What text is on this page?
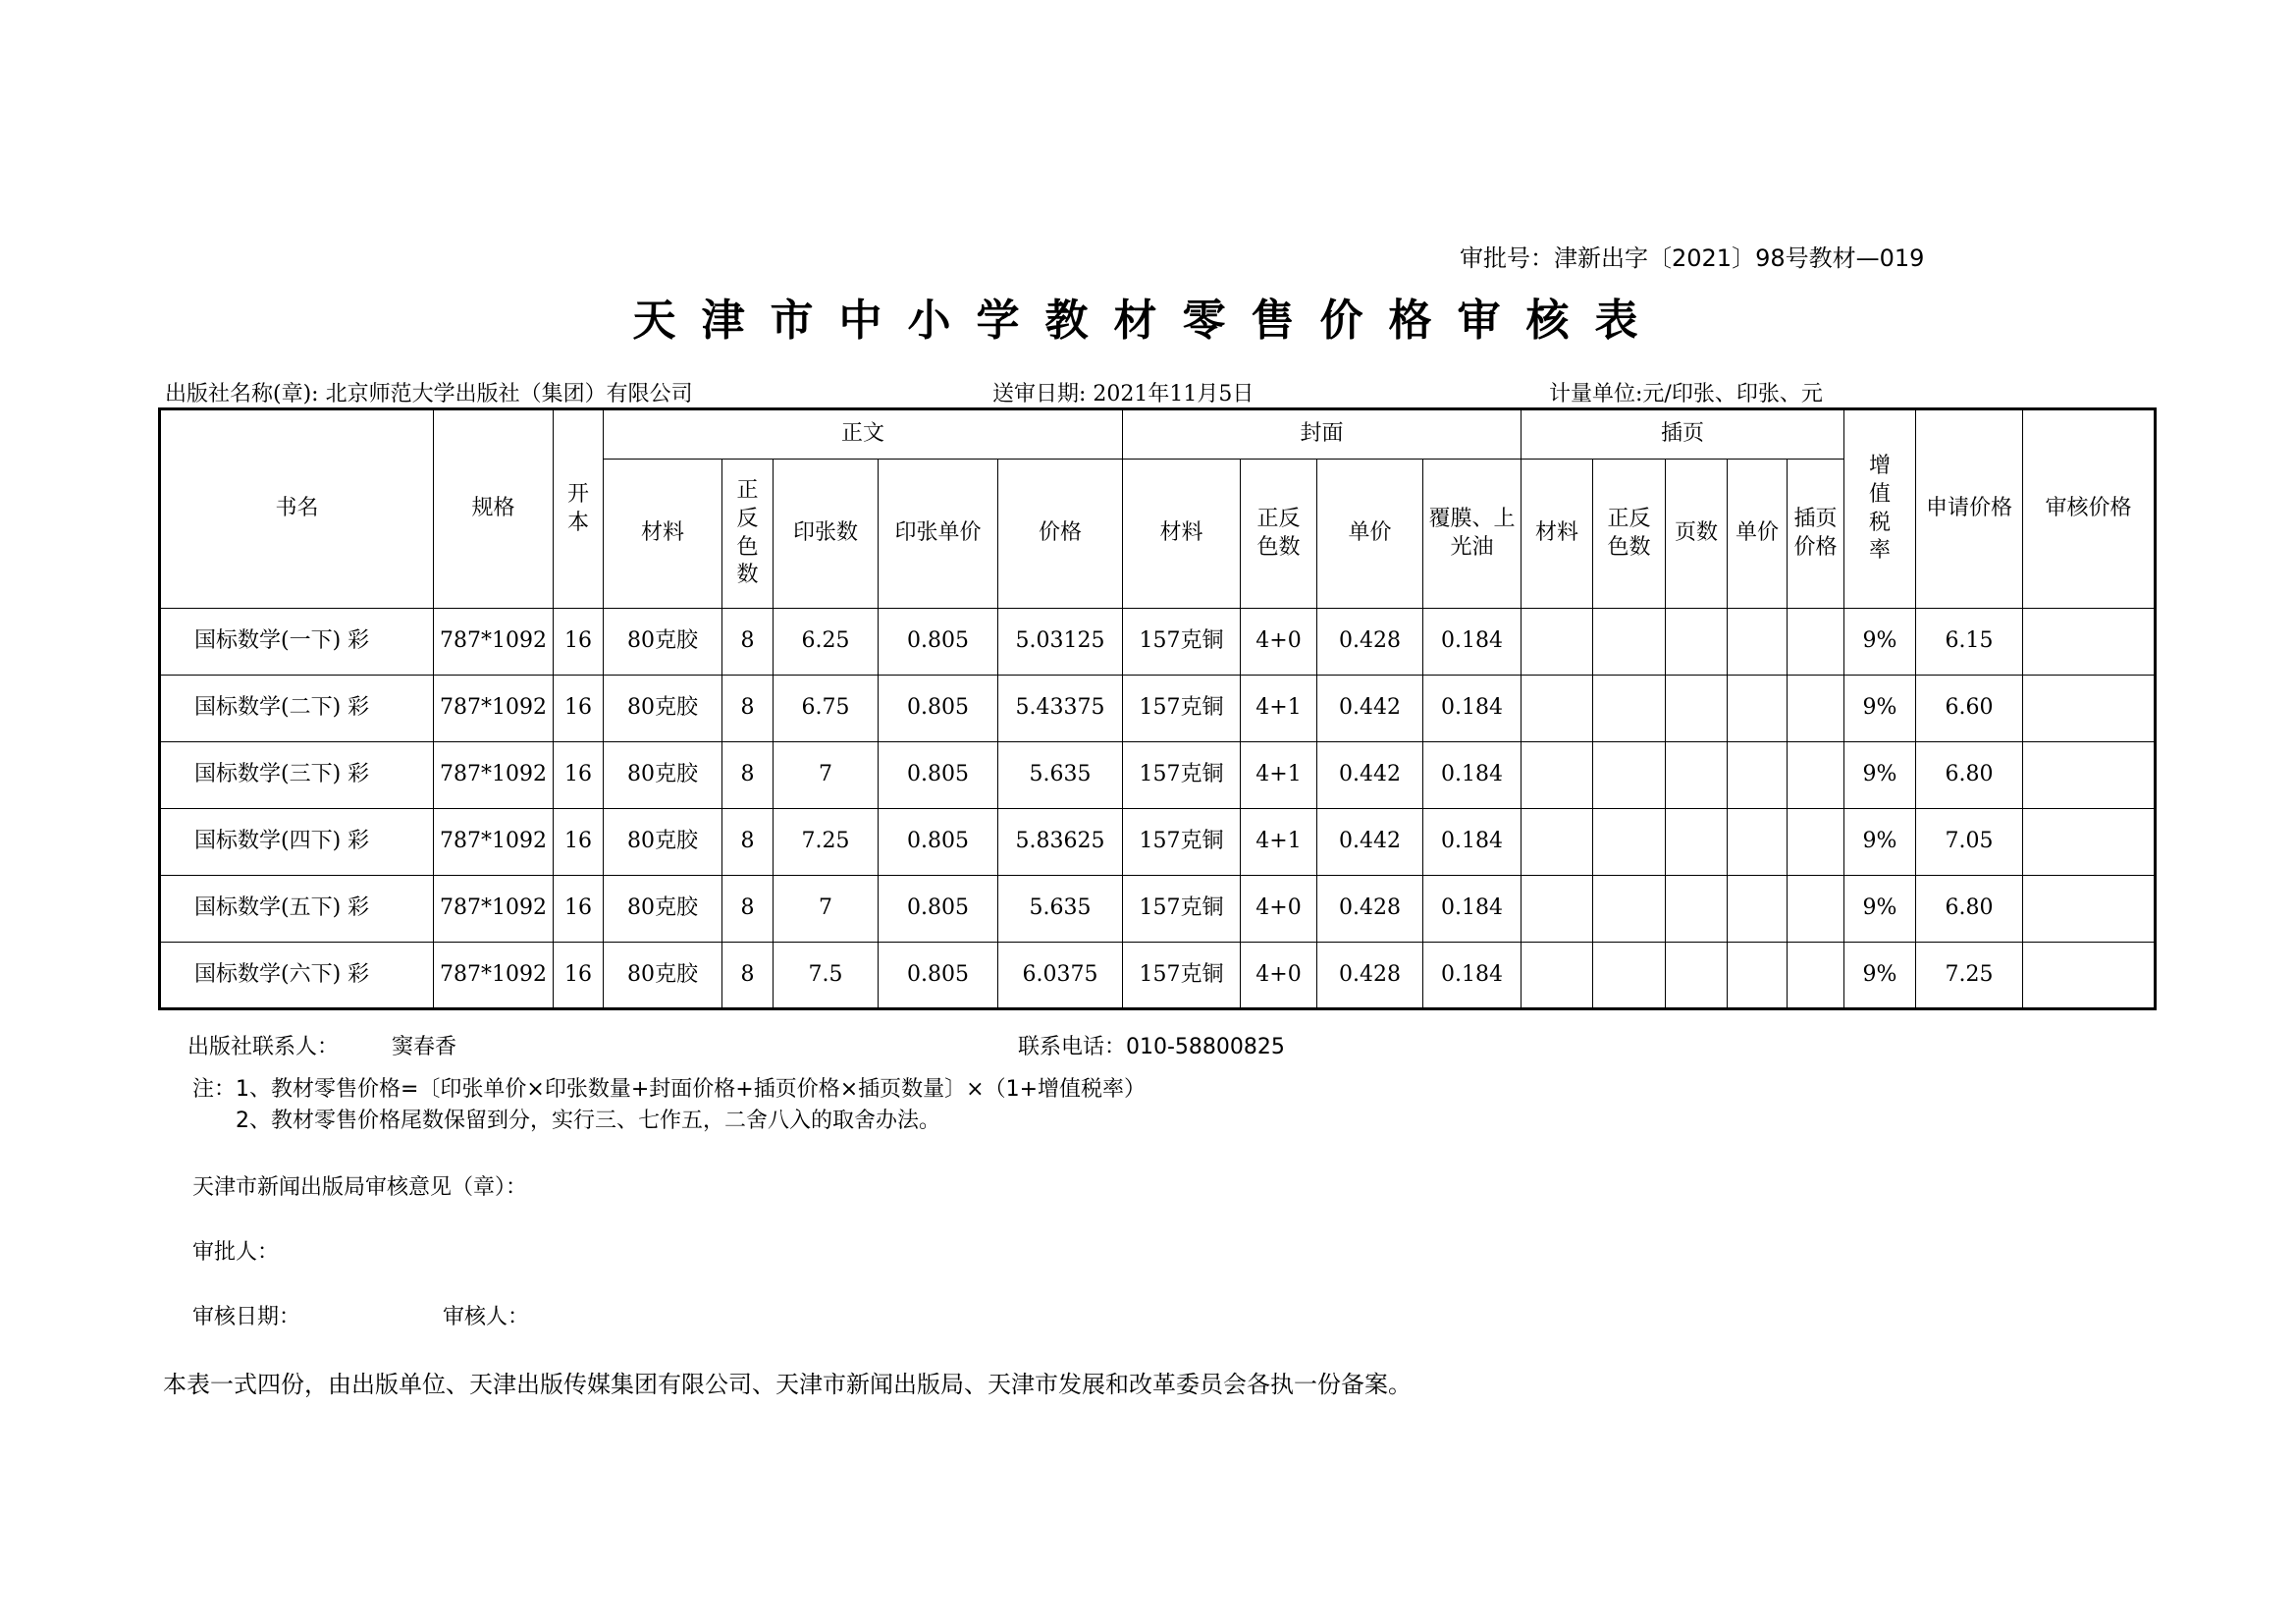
审批号：津新出字〔2021〕98号教材—019
天津市中小学教材零售价格审核表
出版社名称(章): 北京师范大学出版社（集团）有限公司	送审日期: 2021年11月5日	计量单位:元/印张、印张、元
书名	规格	开本	正文					封面				插页					增值税率	申请价格	审核价格
			材料	正反色数	印张数	印张单价	价格	材料	正反色数	单价	覆膜、上光油	材料	正反色数	页数	单价	插页价格			
国标数学(一下) 彩	787*1092	16	80克胶	8	6.25	0.805	5.03125	157克铜	4+0	0.428	0.184						9%	6.15	
国标数学(二下) 彩	787*1092	16	80克胶	8	6.75	0.805	5.43375	157克铜	4+1	0.442	0.184						9%	6.60	
国标数学(三下) 彩	787*1092	16	80克胶	8	7	0.805	5.635	157克铜	4+1	0.442	0.184						9%	6.80	
国标数学(四下) 彩	787*1092	16	80克胶	8	7.25	0.805	5.83625	157克铜	4+1	0.442	0.184						9%	7.05	
国标数学(五下) 彩	787*1092	16	80克胶	8	7	0.805	5.635	157克铜	4+0	0.428	0.184						9%	6.80	
国标数学(六下) 彩	787*1092	16	80克胶	8	7.5	0.805	6.0375	157克铜	4+0	0.428	0.184						9%	7.25	
出版社联系人： 窦春香	联系电话：010-58800825
注：1、教材零售价格=〔印张单价×印张数量+封面价格+插页价格×插页数量〕×（1+增值税率）
2、教材零售价格尾数保留到分，实行三、七作五，二舍八入的取舍办法。
天津市新闻出版局审核意见（章）：
审批人：
审核日期：	审核人：
本表一式四份，由出版单位、天津出版传媒集团有限公司、天津市新闻出版局、天津市发展和改革委员会各执一份备案。
